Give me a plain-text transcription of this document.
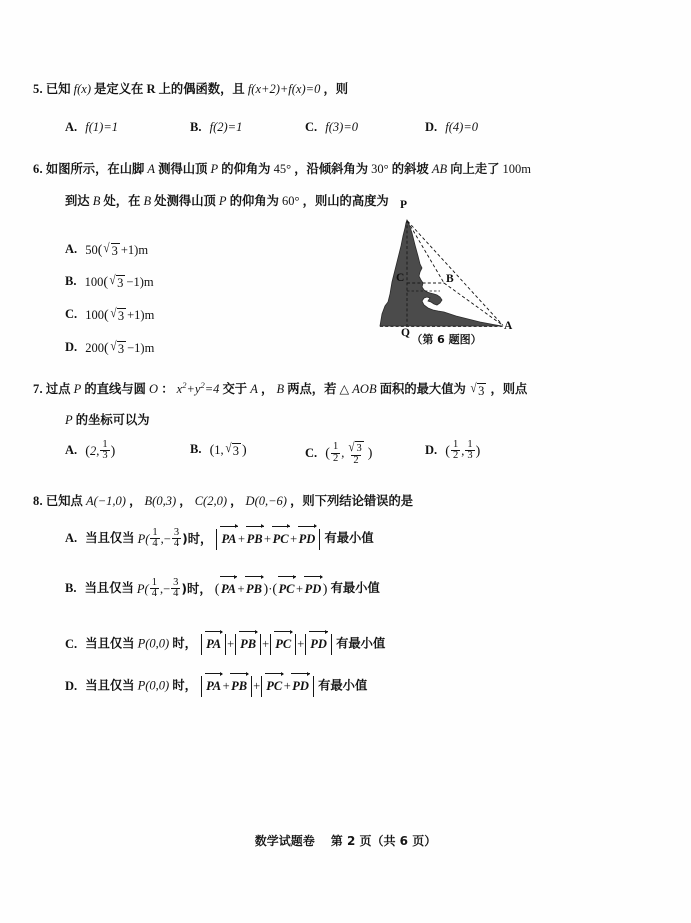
5. 已知 f(x) 是定义在 R 上的偶函数，且 f(x+2)+f(x)=0 ，则
A. f(1)=1	B. f(2)=1	C. f(3)=0	D. f(4)=0
6. 如图所示，在山脚 A 测得山顶 P 的仰角为 45° ，沿倾斜角为 30° 的斜坡 AB 向上走了 100m
到达 B 处，在 B 处测得山顶 P 的仰角为 60° ，则山的高度为
A. 50 ( √ 3 + 1)m
B. 100 ( √ 3 − 1)m
C. 100 ( √ 3 + 1)m
D. 200 ( √ 3 − 1)m
P
C	B
Q
A
（第 6 题图）
7. 过点 P 的直线与圆 O ： $x^2+y^2=4$ 交于 A ， B 两点，若 △ AOB 面积的最大值为 √ 3 ，则点
P 的坐标可以为
A. ( 2 , $\frac{1}{3}$ )	B. ( 1 , √ 3 )	C. ( $\frac{1}{2}$ , $\frac{√ 3}{2}$ )	D. ( $\frac{1}{2}$ , $\frac{1}{3}$ )
8. 已知点 A(−1,0) ， B(0,3) ， C(2,0) ， D(0,−6) ，则下列结论错误的是
A. 当且仅当 $P( \frac{1}{4}$ , − $\frac{3}{4}$ )时，
PA + PB + PC + PD 有最小值
B. 当且仅当 $P( \frac{1}{4}$ , − $\frac{3}{4}$ )时，
( PA + PB ) · ( PC + PD ) 有最小值
C. 当且仅当 P(0,0) 时， PA + PB + PC + PD 有最小值
D. 当且仅当 P(0,0) 时， PA + PB + PC + PD 有最小值
数学试题卷 第 2 页（共 6 页）
